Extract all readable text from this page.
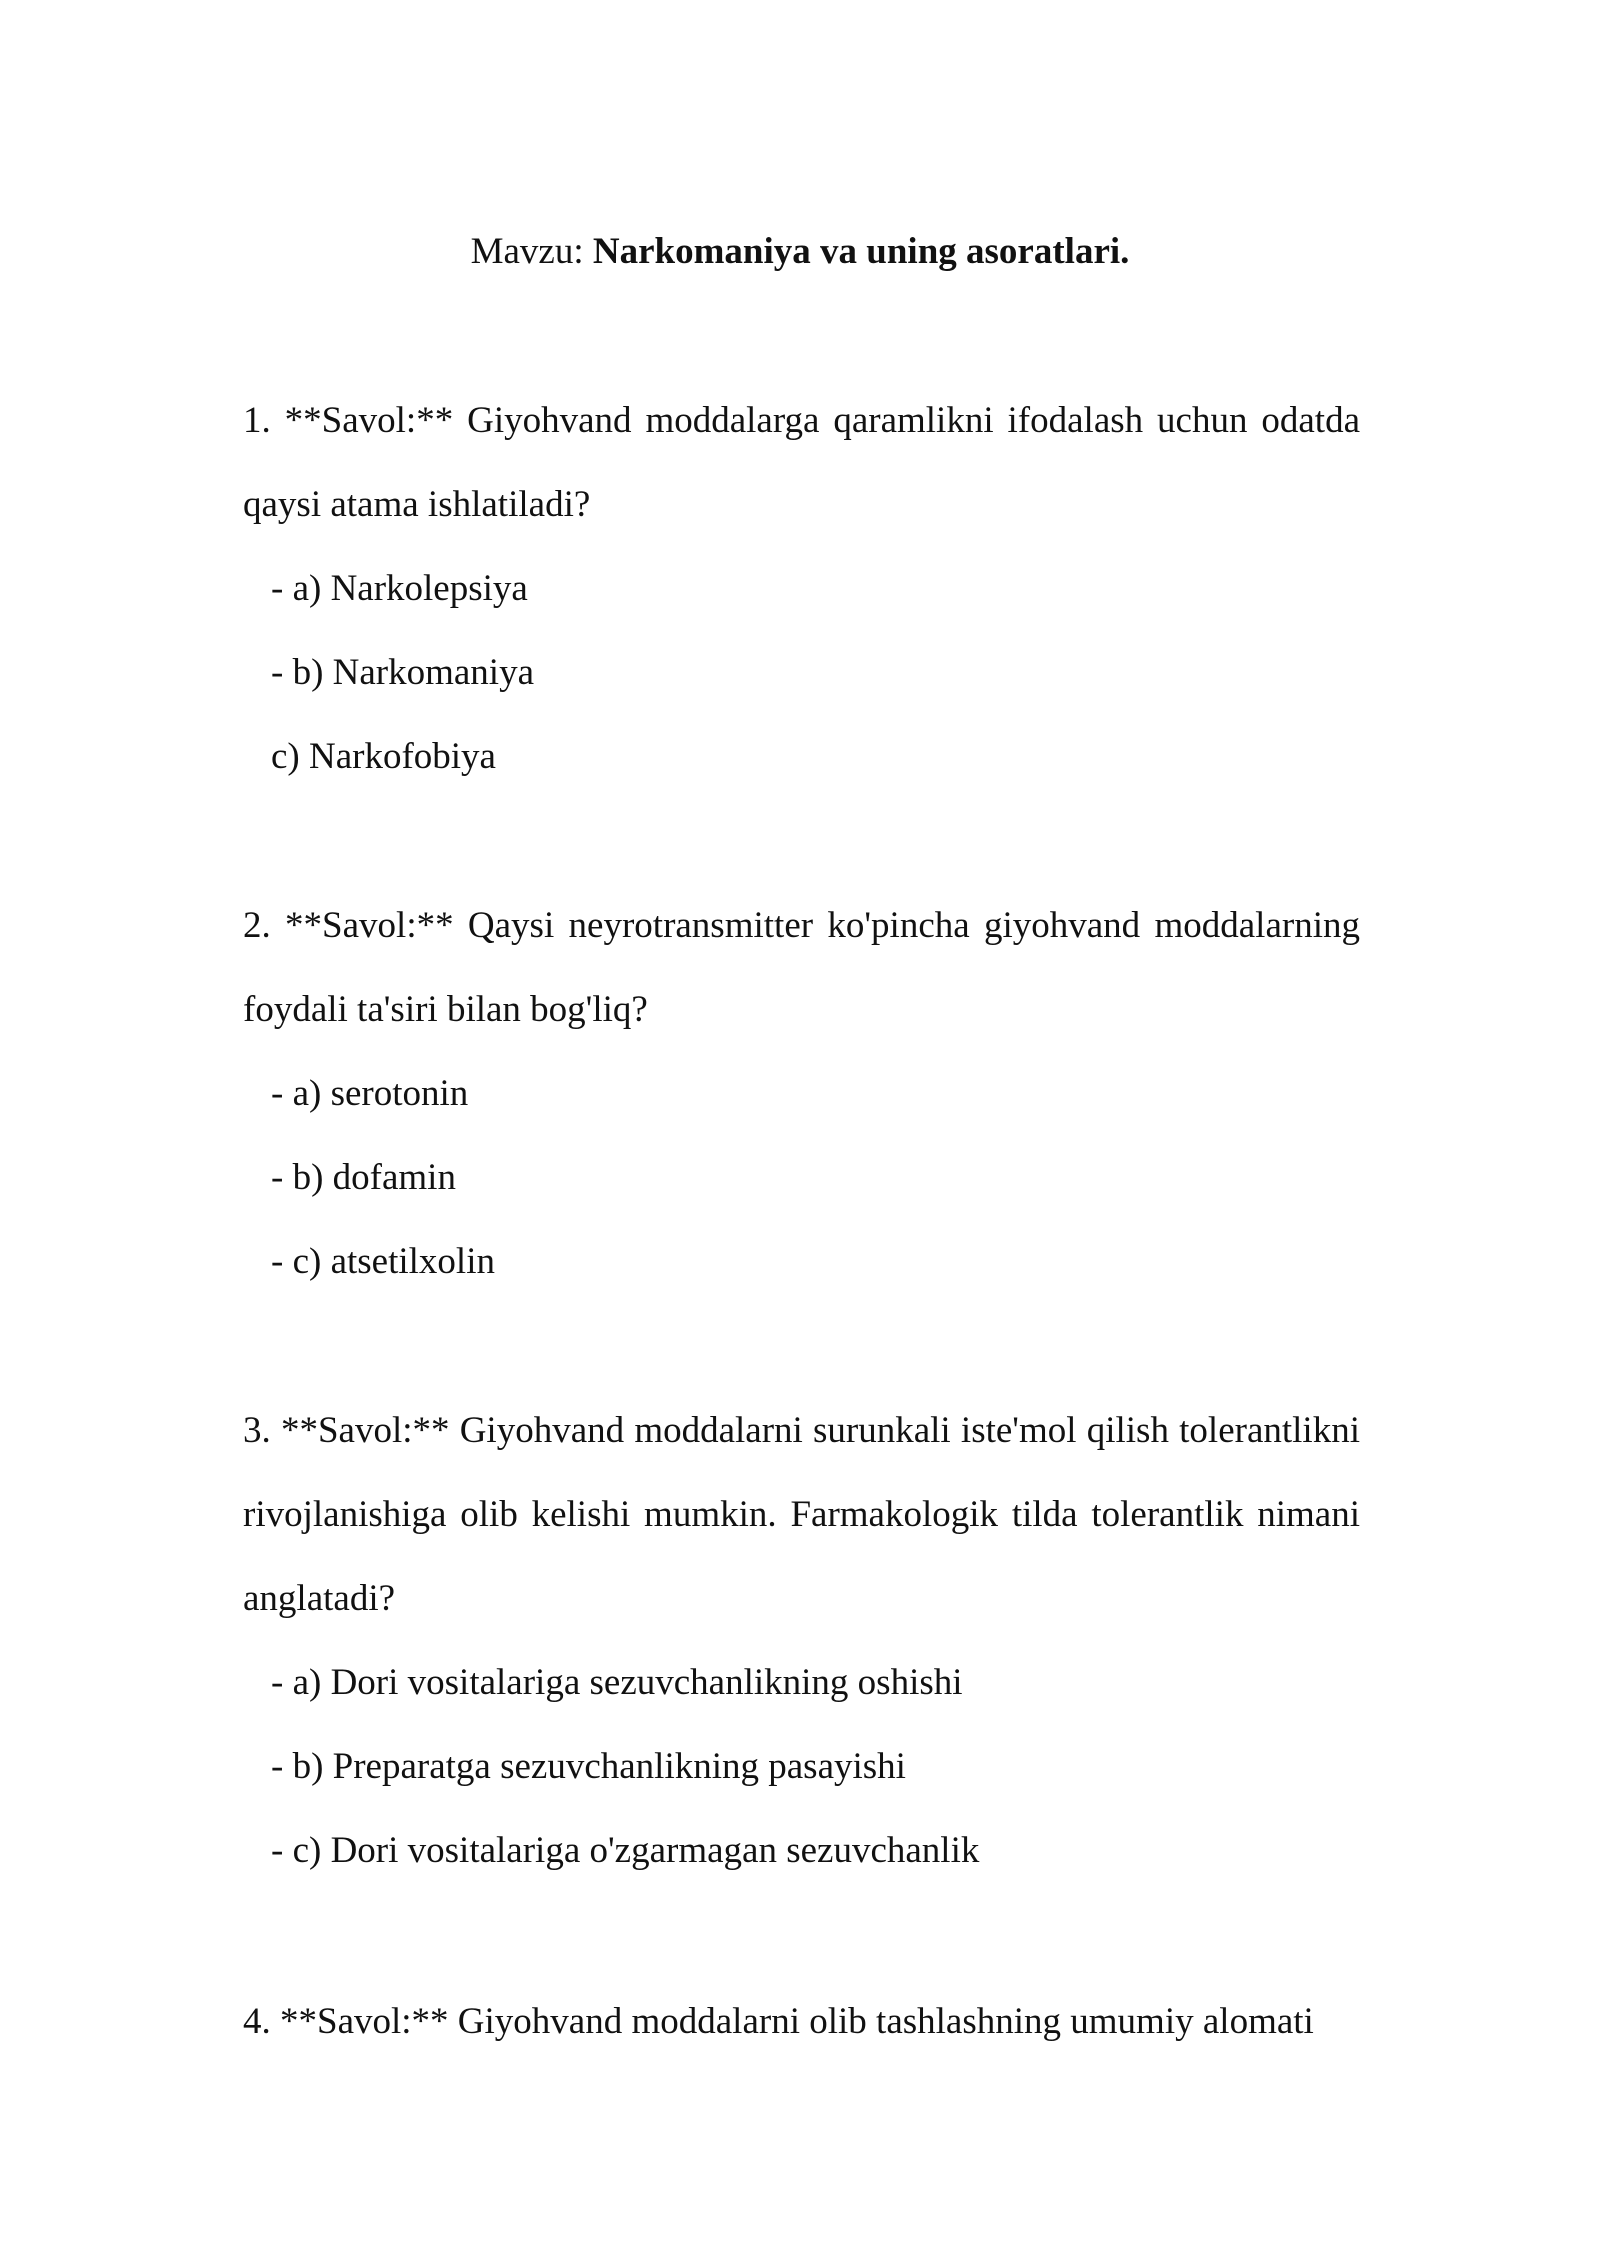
Mavzu: Narkomaniya va uning asoratlari.

1. **Savol:** Giyohvand moddalarga qaramlikni ifodalash uchun odatda qaysi atama ishlatiladi?

- a) Narkolepsiya

- b) Narkomaniya

c) Narkofobiya

2. **Savol:** Qaysi neyrotransmitter ko'pincha giyohvand moddalarning foydali ta'siri bilan bog'liq?

- a) serotonin

- b) dofamin

- c) atsetilxolin

3. **Savol:** Giyohvand moddalarni surunkali iste'mol qilish tolerantlikni rivojlanishiga olib kelishi mumkin. Farmakologik tilda tolerantlik nimani anglatadi?

- a) Dori vositalariga sezuvchanlikning oshishi

- b) Preparatga sezuvchanlikning pasayishi

- c) Dori vositalariga o'zgarmagan sezuvchanlik

4. **Savol:** Giyohvand moddalarni olib tashlashning umumiy alomati
